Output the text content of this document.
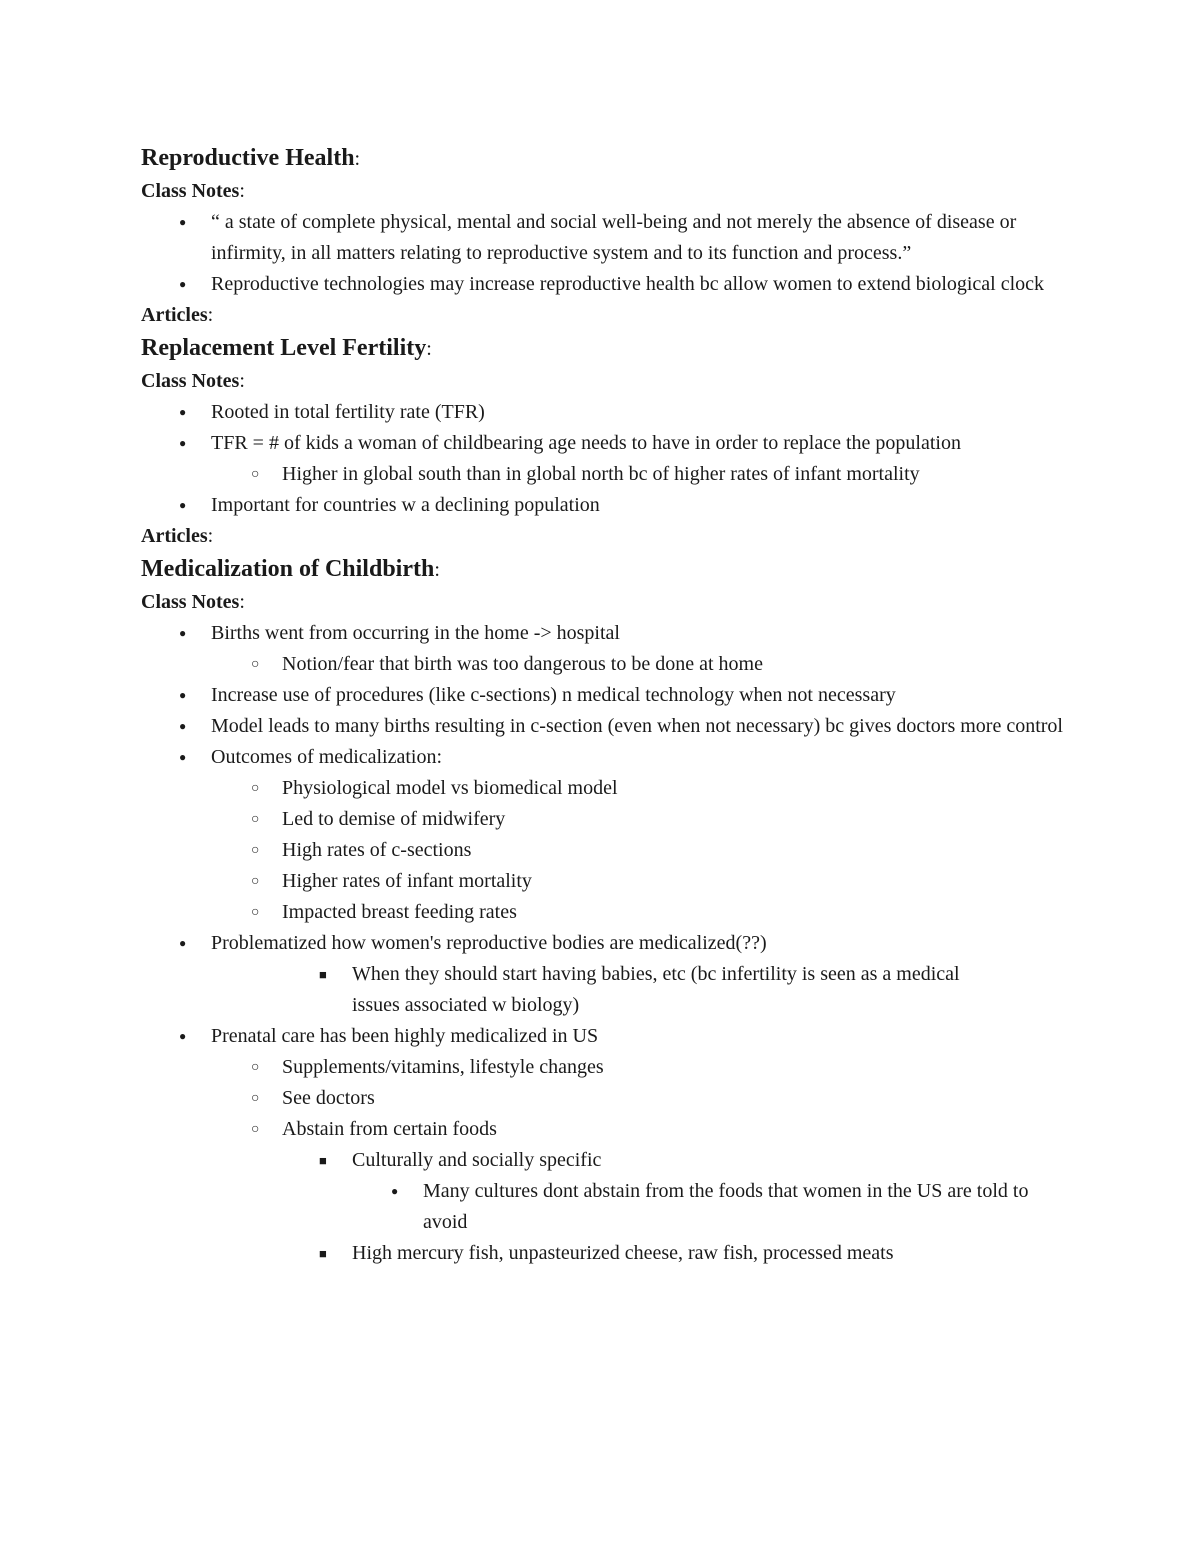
Reproductive Health:
Class Notes:
● “ a state of complete physical, mental and social well-being and not merely the absence of disease or infirmity, in all matters relating to reproductive system and to its function and process.”
● Reproductive technologies may increase reproductive health bc allow women to extend biological clock
Articles:
Replacement Level Fertility:
Class Notes:
● Rooted in total fertility rate (TFR)
● TFR = # of kids a woman of childbearing age needs to have in order to replace the population
○ Higher in global south than in global north bc of higher rates of infant mortality
● Important for countries w a declining population
Articles:
Medicalization of Childbirth:
Class Notes:
● Births went from occurring in the home -> hospital
○ Notion/fear that birth was too dangerous to be done at home
● Increase use of procedures (like c-sections) n medical technology when not necessary
● Model leads to many births resulting in c-section (even when not necessary) bc gives doctors more control
● Outcomes of medicalization:
○ Physiological model vs biomedical model
○ Led to demise of midwifery
○ High rates of c-sections
○ Higher rates of infant mortality
○ Impacted breast feeding rates
● Problematized how women's reproductive bodies are medicalized(??)
■ When they should start having babies, etc (bc infertility is seen as a medical issues associated w biology)
● Prenatal care has been highly medicalized in US
○ Supplements/vitamins, lifestyle changes
○ See doctors
○ Abstain from certain foods
■ Culturally and socially specific
● Many cultures dont abstain from the foods that women in the US are told to avoid
■ High mercury fish, unpasteurized cheese, raw fish, processed meats
